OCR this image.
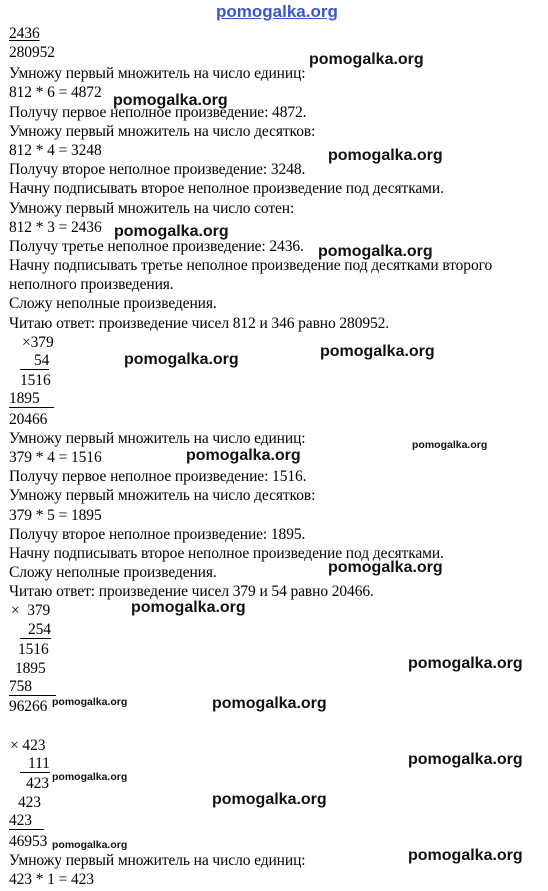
pomogalka.org
2436
280952
Умножу первый множитель на число единиц:
812 * 6 = 4872
Получу первое неполное произведение: 4872.
Умножу первый множитель на число десятков:
812 * 4 = 3248
Получу второе неполное произведение: 3248.
Начну подписывать второе неполное произведение под десятками.
Умножу первый множитель на число сотен:
812 * 3 = 2436
Получу третье неполное произведение: 2436.
Начну подписывать третье неполное произведение под десятками второго
неполного произведения.
Сложу неполные произведения.
Читаю ответ: произведение чисел 812 и 346 равно 280952.
×379
54
1516
1895
20466
Умножу первый множитель на число единиц:
379 * 4 = 1516
Получу первое неполное произведение: 1516.
Умножу первый множитель на число десятков:
379 * 5 = 1895
Получу второе неполное произведение: 1895.
Начну подписывать второе неполное произведение под десятками.
Сложу неполные произведения.
Читаю ответ: произведение чисел 379 и 54 равно 20466.
×  379
254
1516
1895
758
96266
× 423
111
423
423
423
46953
Умножу первый множитель на число единиц:
423 * 1 = 423
pomogalka.org
pomogalka.org
pomogalka.org
pomogalka.org
pomogalka.org
pomogalka.org
pomogalka.org
pomogalka.org
pomogalka.org
pomogalka.org
pomogalka.org
pomogalka.org
pomogalka.org	pomogalka.org
pomogalka.org
pomogalka.org
pomogalka.org
pomogalka.org
pomogalka.org
